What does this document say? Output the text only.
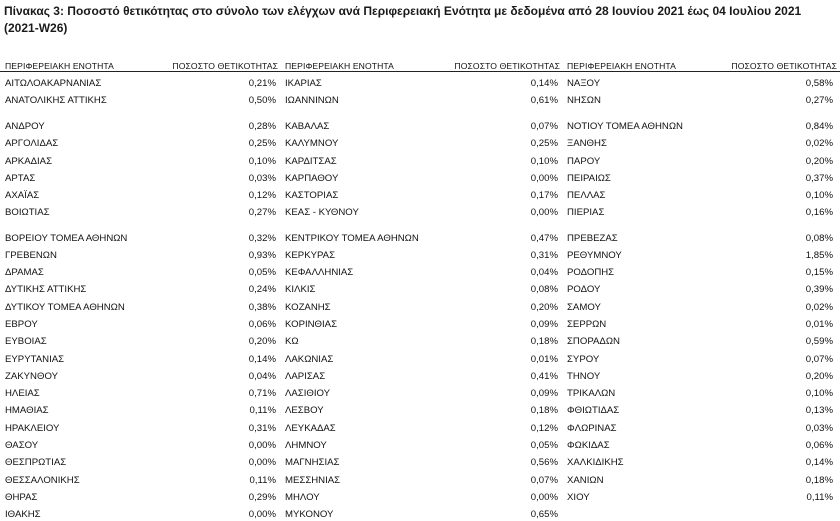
Πίνακας 3: Ποσοστό θετικότητας στο σύνολο των ελέγχων ανά Περιφερειακή Ενότητα με δεδομένα από 28 Ιουνίου 2021 έως 04 Ιουλίου 2021 (2021-W26)
ΠΕΡΙΦΕΡΕΙΑΚΗ ΕΝΟΤΗΤΑ	ΠΟΣΟΣΤΟ ΘΕΤΙΚΟΤΗΤΑΣ
ΑΙΤΩΛΟΑΚΑΡΝΑΝΙΑΣ	0,21%
ΑΝΑΤΟΛΙΚΗΣ ΑΤΤΙΚΗΣ	0,50%
ΑΝΔΡΟΥ	0,28%
ΑΡΓΟΛΙΔΑΣ	0,25%
ΑΡΚΑΔΙΑΣ	0,10%
ΑΡΤΑΣ	0,03%
ΑΧΑΪΑΣ	0,12%
ΒΟΙΩΤΙΑΣ	0,27%
ΒΟΡΕΙΟΥ ΤΟΜΕΑ ΑΘΗΝΩΝ	0,32%
ΓΡΕΒΕΝΩΝ	0,93%
ΔΡΑΜΑΣ	0,05%
ΔΥΤΙΚΗΣ ΑΤΤΙΚΗΣ	0,24%
ΔΥΤΙΚΟΥ ΤΟΜΕΑ ΑΘΗΝΩΝ	0,38%
ΕΒΡΟΥ	0,06%
ΕΥΒΟΙΑΣ	0,20%
ΕΥΡΥΤΑΝΙΑΣ	0,14%
ΖΑΚΥΝΘΟΥ	0,04%
ΗΛΕΙΑΣ	0,71%
ΗΜΑΘΙΑΣ	0,11%
ΗΡΑΚΛΕΙΟΥ	0,31%
ΘΑΣΟΥ	0,00%
ΘΕΣΠΡΩΤΙΑΣ	0,00%
ΘΕΣΣΑΛΟΝΙΚΗΣ	0,11%
ΘΗΡΑΣ	0,29%
ΙΘΑΚΗΣ	0,00%
ΠΕΡΙΦΕΡΕΙΑΚΗ ΕΝΟΤΗΤΑ	ΠΟΣΟΣΤΟ ΘΕΤΙΚΟΤΗΤΑΣ
ΙΚΑΡΙΑΣ	0,14%
ΙΩΑΝΝΙΝΩΝ	0,61%
ΚΑΒΑΛΑΣ	0,07%
ΚΑΛΥΜΝΟΥ	0,25%
ΚΑΡΔΙΤΣΑΣ	0,10%
ΚΑΡΠΑΘΟΥ	0,00%
ΚΑΣΤΟΡΙΑΣ	0,17%
ΚΕΑΣ - ΚΥΘΝΟΥ	0,00%
ΚΕΝΤΡΙΚΟΥ ΤΟΜΕΑ ΑΘΗΝΩΝ	0,47%
ΚΕΡΚΥΡΑΣ	0,31%
ΚΕΦΑΛΛΗΝΙΑΣ	0,04%
ΚΙΛΚΙΣ	0,08%
ΚΟΖΑΝΗΣ	0,20%
ΚΟΡΙΝΘΙΑΣ	0,09%
ΚΩ	0,18%
ΛΑΚΩΝΙΑΣ	0,01%
ΛΑΡΙΣΑΣ	0,41%
ΛΑΣΙΘΙΟΥ	0,09%
ΛΕΣΒΟΥ	0,18%
ΛΕΥΚΑΔΑΣ	0,12%
ΛΗΜΝΟΥ	0,05%
ΜΑΓΝΗΣΙΑΣ	0,56%
ΜΕΣΣΗΝΙΑΣ	0,07%
ΜΗΛΟΥ	0,00%
ΜΥΚΟΝΟΥ	0,65%
ΠΕΡΙΦΕΡΕΙΑΚΗ ΕΝΟΤΗΤΑ	ΠΟΣΟΣΤΟ ΘΕΤΙΚΟΤΗΤΑΣ
ΝΑΞΟΥ	0,58%
ΝΗΣΩΝ	0,27%
ΝΟΤΙΟΥ ΤΟΜΕΑ ΑΘΗΝΩΝ	0,84%
ΞΑΝΘΗΣ	0,02%
ΠΑΡΟΥ	0,20%
ΠΕΙΡΑΙΩΣ	0,37%
ΠΕΛΛΑΣ	0,10%
ΠΙΕΡΙΑΣ	0,16%
ΠΡΕΒΕΖΑΣ	0,08%
ΡΕΘΥΜΝΟΥ	1,85%
ΡΟΔΟΠΗΣ	0,15%
ΡΟΔΟΥ	0,39%
ΣΑΜΟΥ	0,02%
ΣΕΡΡΩΝ	0,01%
ΣΠΟΡΑΔΩΝ	0,59%
ΣΥΡΟΥ	0,07%
ΤΗΝΟΥ	0,20%
ΤΡΙΚΑΛΩΝ	0,10%
ΦΘΙΩΤΙΔΑΣ	0,13%
ΦΛΩΡΙΝΑΣ	0,03%
ΦΩΚΙΔΑΣ	0,06%
ΧΑΛΚΙΔΙΚΗΣ	0,14%
ΧΑΝΙΩΝ	0,18%
ΧΙΟΥ	0,11%
